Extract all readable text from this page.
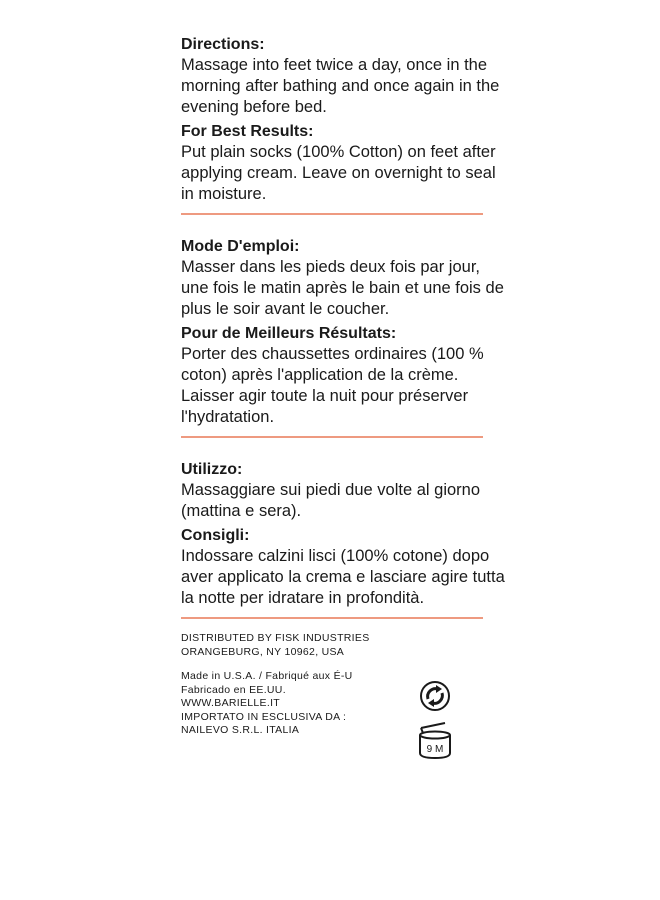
Directions:

Massage into feet twice a day, once in the morning after bathing and once again in the evening before bed.

For Best Results:

Put plain socks (100% Cotton) on feet after applying cream. Leave on overnight to seal in moisture.

Mode D'emploi:

Masser dans les pieds deux fois par jour, une fois le matin après le bain et une fois de plus le soir avant le coucher.

Pour de Meilleurs Résultats:

Porter des chaussettes ordinaires (100 % coton) après l'application de la crème. Laisser agir toute la nuit pour préserver l'hydratation.

Utilizzo:

Massaggiare sui piedi due volte al giorno (mattina e sera).

Consigli:

Indossare calzini lisci (100% cotone) dopo aver applicato la crema e lasciare agire tutta la notte per idratare in profondità.

DISTRIBUTED BY FISK INDUSTRIES

ORANGEBURG, NY 10962, USA

Made in U.S.A. / Fabriqué aux É-U

Fabricado en EE.UU.

WWW.BARIELLE.IT

IMPORTATO IN ESCLUSIVA DA :

NAILEVO S.R.L. ITALIA

9 M
